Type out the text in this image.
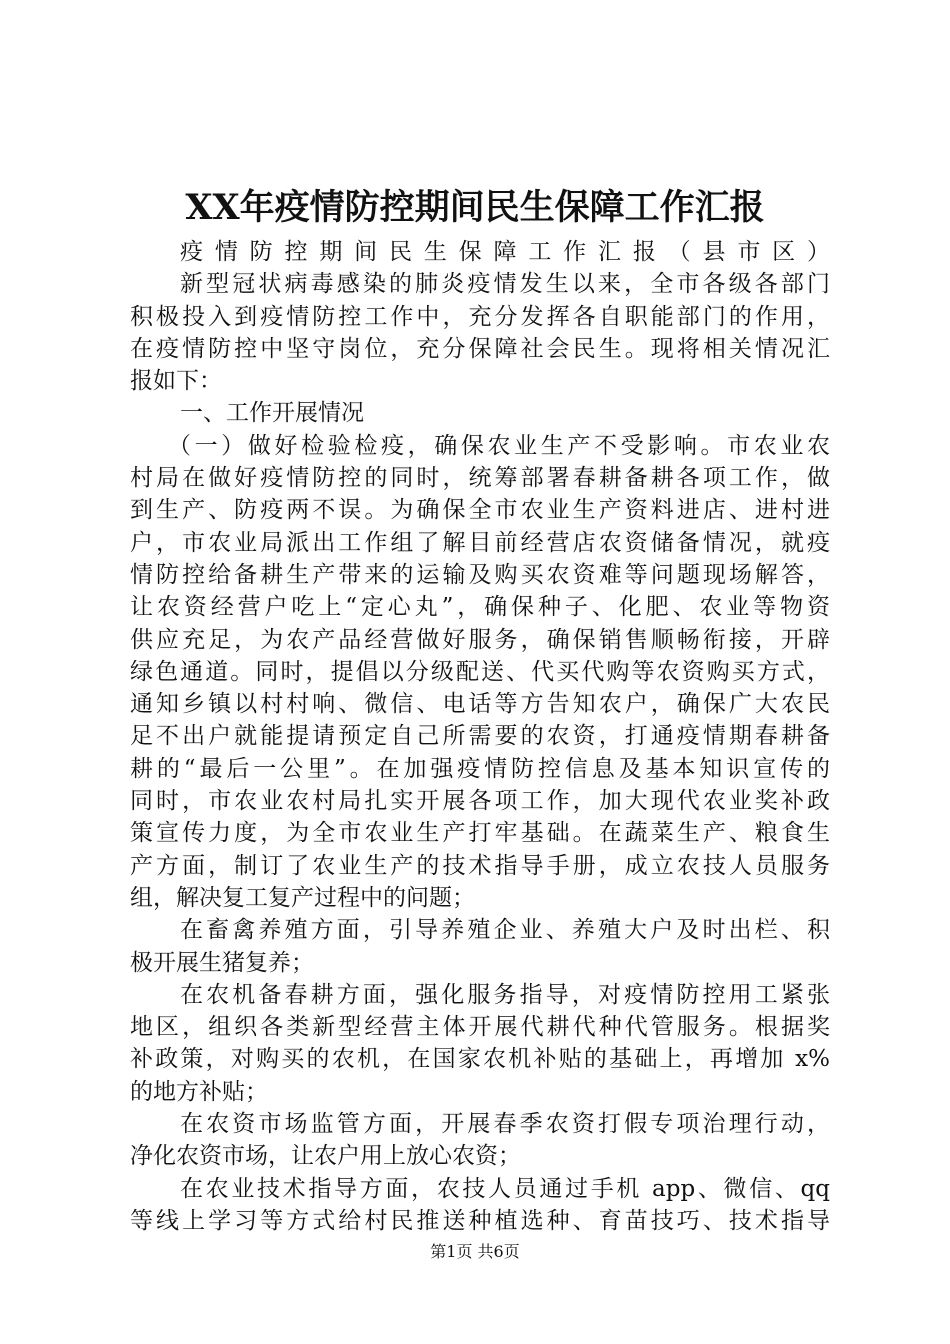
XX年疫情防控期间民生保障工作汇报
疫情防控期间民生保障工作汇报（县市区）
新型冠状病毒感染的肺炎疫情发生以来，全市各级各部门
积极投入到疫情防控工作中，充分发挥各自职能部门的作用，
在疫情防控中坚守岗位，充分保障社会民生。现将相关情况汇
报如下：
一、工作开展情况
（一）做好检验检疫，确保农业生产不受影响。市农业农
村局在做好疫情防控的同时，统筹部署春耕备耕各项工作，做
到生产、防疫两不误。为确保全市农业生产资料进店、进村进
户，市农业局派出工作组了解目前经营店农资储备情况，就疫
情防控给备耕生产带来的运输及购买农资难等问题现场解答，
让农资经营户吃上“定心丸”，确保种子、化肥、农业等物资
供应充足，为农产品经营做好服务，确保销售顺畅衔接，开辟
绿色通道。同时，提倡以分级配送、代买代购等农资购买方式，
通知乡镇以村村响、微信、电话等方告知农户，确保广大农民
足不出户就能提请预定自己所需要的农资，打通疫情期春耕备
耕的“最后一公里”。在加强疫情防控信息及基本知识宣传的
同时，市农业农村局扎实开展各项工作，加大现代农业奖补政
策宣传力度，为全市农业生产打牢基础。在蔬菜生产、粮食生
产方面，制订了农业生产的技术指导手册，成立农技人员服务
组，解决复工复产过程中的问题；
在畜禽养殖方面，引导养殖企业、养殖大户及时出栏、积
极开展生猪复养；
在农机备春耕方面，强化服务指导，对疫情防控用工紧张
地区，组织各类新型经营主体开展代耕代种代管服务。根据奖
补政策，对购买的农机，在国家农机补贴的基础上，再增加 x%
的地方补贴；
在农资市场监管方面，开展春季农资打假专项治理行动，
净化农资市场，让农户用上放心农资；
在农业技术指导方面，农技人员通过手机 app、微信、qq
等线上学习等方式给村民推送种植选种、育苗技巧、技术指导
第1页 共6页
